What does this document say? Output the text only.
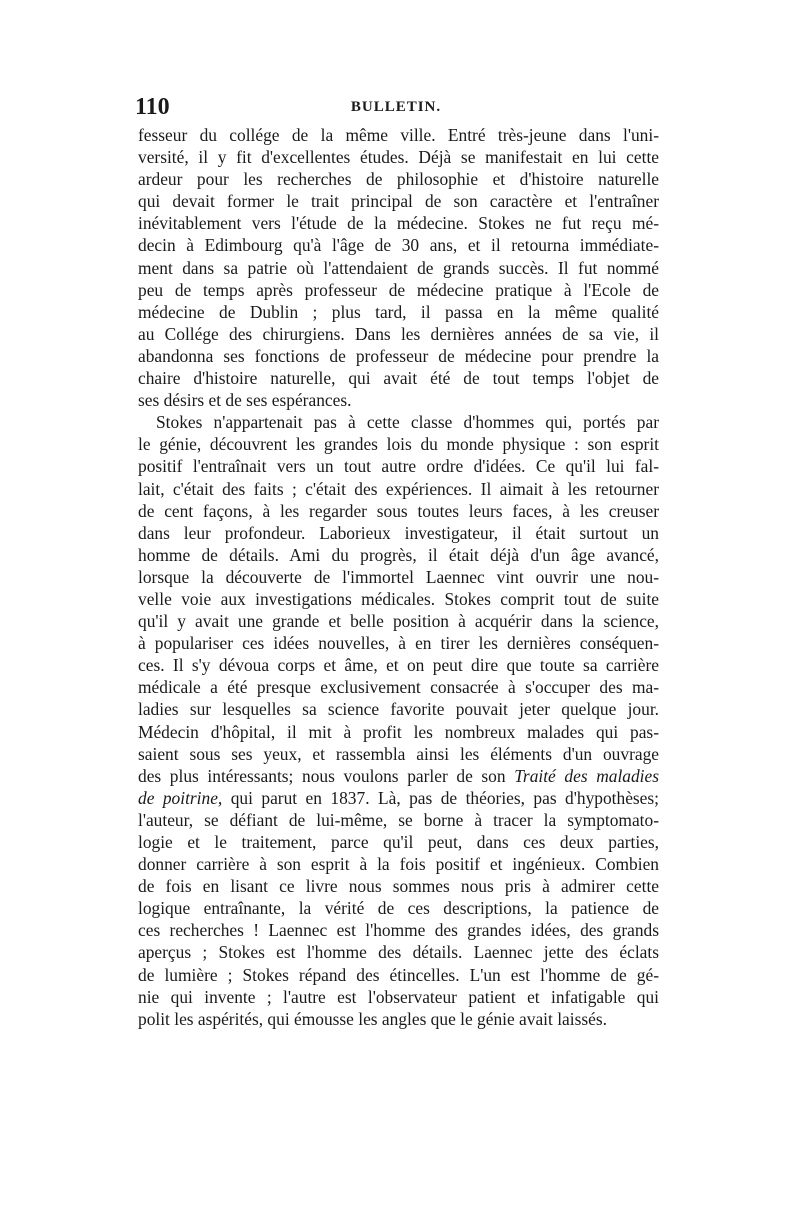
110	BULLETIN.
fesseur du collége de la même ville. Entré très-jeune dans l'uni-
versité, il y fit d'excellentes études. Déjà se manifestait en lui cette
ardeur pour les recherches de philosophie et d'histoire naturelle
qui devait former le trait principal de son caractère et l'entraîner
inévitablement vers l'étude de la médecine. Stokes ne fut reçu mé-
decin à Edimbourg qu'à l'âge de 30 ans, et il retourna immédiate-
ment dans sa patrie où l'attendaient de grands succès. Il fut nommé
peu de temps après professeur de médecine pratique à l'Ecole de
médecine de Dublin ; plus tard, il passa en la même qualité
au Collége des chirurgiens. Dans les dernières années de sa vie, il
abandonna ses fonctions de professeur de médecine pour prendre la
chaire d'histoire naturelle, qui avait été de tout temps l'objet de
ses désirs et de ses espérances.
Stokes n'appartenait pas à cette classe d'hommes qui, portés par
le génie, découvrent les grandes lois du monde physique : son esprit
positif l'entraînait vers un tout autre ordre d'idées. Ce qu'il lui fal-
lait, c'était des faits ; c'était des expériences. Il aimait à les retourner
de cent façons, à les regarder sous toutes leurs faces, à les creuser
dans leur profondeur. Laborieux investigateur, il était surtout un
homme de détails. Ami du progrès, il était déjà d'un âge avancé,
lorsque la découverte de l'immortel Laennec vint ouvrir une nou-
velle voie aux investigations médicales. Stokes comprit tout de suite
qu'il y avait une grande et belle position à acquérir dans la science,
à populariser ces idées nouvelles, à en tirer les dernières conséquen-
ces. Il s'y dévoua corps et âme, et on peut dire que toute sa carrière
médicale a été presque exclusivement consacrée à s'occuper des ma-
ladies sur lesquelles sa science favorite pouvait jeter quelque jour.
Médecin d'hôpital, il mit à profit les nombreux malades qui pas-
saient sous ses yeux, et rassembla ainsi les éléments d'un ouvrage
des plus intéressants; nous voulons parler de son Traité des maladies
de poitrine, qui parut en 1837. Là, pas de théories, pas d'hypothèses;
l'auteur, se défiant de lui-même, se borne à tracer la symptomato-
logie et le traitement, parce qu'il peut, dans ces deux parties,
donner carrière à son esprit à la fois positif et ingénieux. Combien
de fois en lisant ce livre nous sommes nous pris à admirer cette
logique entraînante, la vérité de ces descriptions, la patience de
ces recherches ! Laennec est l'homme des grandes idées, des grands
aperçus ; Stokes est l'homme des détails. Laennec jette des éclats
de lumière ; Stokes répand des étincelles. L'un est l'homme de gé-
nie qui invente ; l'autre est l'observateur patient et infatigable qui
polit les aspérités, qui émousse les angles que le génie avait laissés.
